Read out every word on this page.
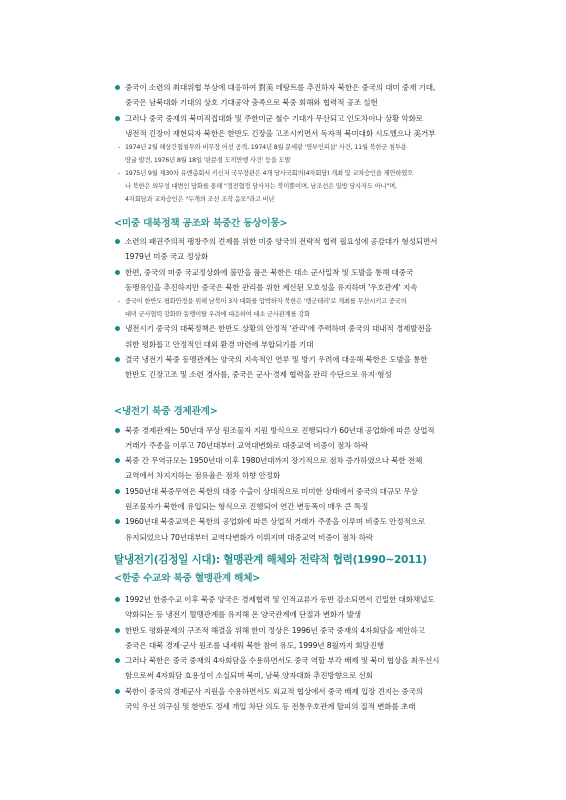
중국이 소련의 최대위협 부상에 대응하여 對美 데탕트를 추진하자 북한은 중국의 대미 중재 기대,
중국은 남북대화 기대의 상호 기대공약 충족으로 북중 회해와 협력적 공조 실현
그러나 중국 중재의 북미직접대화 및 주한미군 철수 기대가 무산되고 인도차이나 상황 악화로
냉전적 긴장이 재현되자 북한은 한반도 긴장을 고조시키면서 독자적 북미대화 시도했으나 美거부
- 1974년 2월 해상간첩침투와 비무장 어선 공격, 1974년 8월 문세광 '영부인피살' 사건, 11월 북한군 침투용
땅굴 발견, 1976년 8월 18일 '판문점 도끼만행 사건' 등을 도발
- 1975년 9월 제30차 유엔총회서 키신저 국무장관은 4개 당사국회의(4자회담) 개최 및 교차승인을 제안하였으
나 북한은 외무성 대변인 담화를 통해 "정전협정 당사자는 북미뿐이며, 남조선은 일방 당사자도 아니"며,
4자회담과 교차승인은 "두개의 조선 조작 음모"라고 비난
<미중 대북정책 공조와 북중간 동상이몽>
소련의 패권주의적 팽창주의 견제를 위한 미중 양국의 전략적 협력 필요성에 공감대가 형성되면서
1979년 미중 국교 정상화
한편, 중국의 미중 국교정상화에 불만을 품은 북한은 대소 군사밀착 및 도발을 통해 대중국
동맹유인을 추진하지만 중국은 북한 관리를 위한 계산된 모호성을 유지하며 '우호관계' 지속
- 중국이 한반도 평화안정을 위해 남북미 3자 대화를 압박하자 북한은 '랭군테러'로 개최를 무산시키고 중국의
대미 군사협력 강화와 동맹이탈 우려에 대응하여 대소 군사관계를 강화
냉전시기 중국의 대북정책은 한반도 상황의 안정적 '관리'에 주력하며 중국의 대내적 경제발전을
위한 평화롭고 안정적인 대외 환경 마련에 부합되기를 기대
결국 냉전기 북중 동맹관계는 양국의 지속적인 연루 및 방기 우려에 대응해 북한은 도발을 통한
한반도 긴장고조 및 소련 경사를, 중국은 군사·경제 협력을 관리 수단으로 유지·형성
<냉전기 북중 경제관계>
북중 경제관계는 50년대 무상 원조물자 지원 방식으로 진행되다가 60년대 공업화에 따른 상업적
거래가 주종을 이루고 70년대부터 교역대변화로 대중교역 비중이 점차 하락
북중 간 무역규모는 1950년대 이후 1980년대까지 장기적으로 점차 증가하였으나 북한 전체
교역에서 차지지하는 점유율은 점차 하향 안정화
1950년대 북중무역은 북한의 대중 수출이 상대적으로 미미한 상태에서 중국의 대규모 무상
원조물자가 북한에 유입되는 형식으로 진행되어 연간 변동폭이 매우 큰 특징
1960년대 북중교역은 북한의 공업화에 따른 상업적 거래가 주종을 이루며 비중도 안정적으로
유지되었으나 70년대부터 교역다변화가 이뤄지며 대중교역 비중이 점차 하락
탈냉전기(김정일 시대): 혈맹관계 해체와 전략적 협력(1990~2011)
<한중 수교와 북중 혈맹관계 해체>
1992년 한중수교 이후 북중 양국은 경제협력 및 인적교류가 동반 감소되면서 긴밀한 대화채널도
약화되는 등 냉전기 혈맹관계를 유지해 온 양국관계에 단절과 변화가 발생
한반도 평화문제의 구조적 해결을 위해 한미 정상은 1996년 중국 중재의 4자회담을 제안하고
중국은 대북 경제·군사 원조를 내세워 북한 참여 유도, 1999년 8월까지 회담진행
그러나 북한은 중국 중재의 4자회담을 수용하면서도 중국 역할 부각 배제 및 북미 협상을 최우선시
함으로써 4자회담 효용성이 소실되며 북미, 남북 양자대화 추진방향으로 선회
북한이 중국의 경제군사 지원을 수용하면서도 외교적 협상에서 중국 배제 입장 견지는 중국의
국익 우선 의구심 및 한반도 정세 개입 차단 의도 등 전통우호관계 탈피의 질적 변화를 초래
